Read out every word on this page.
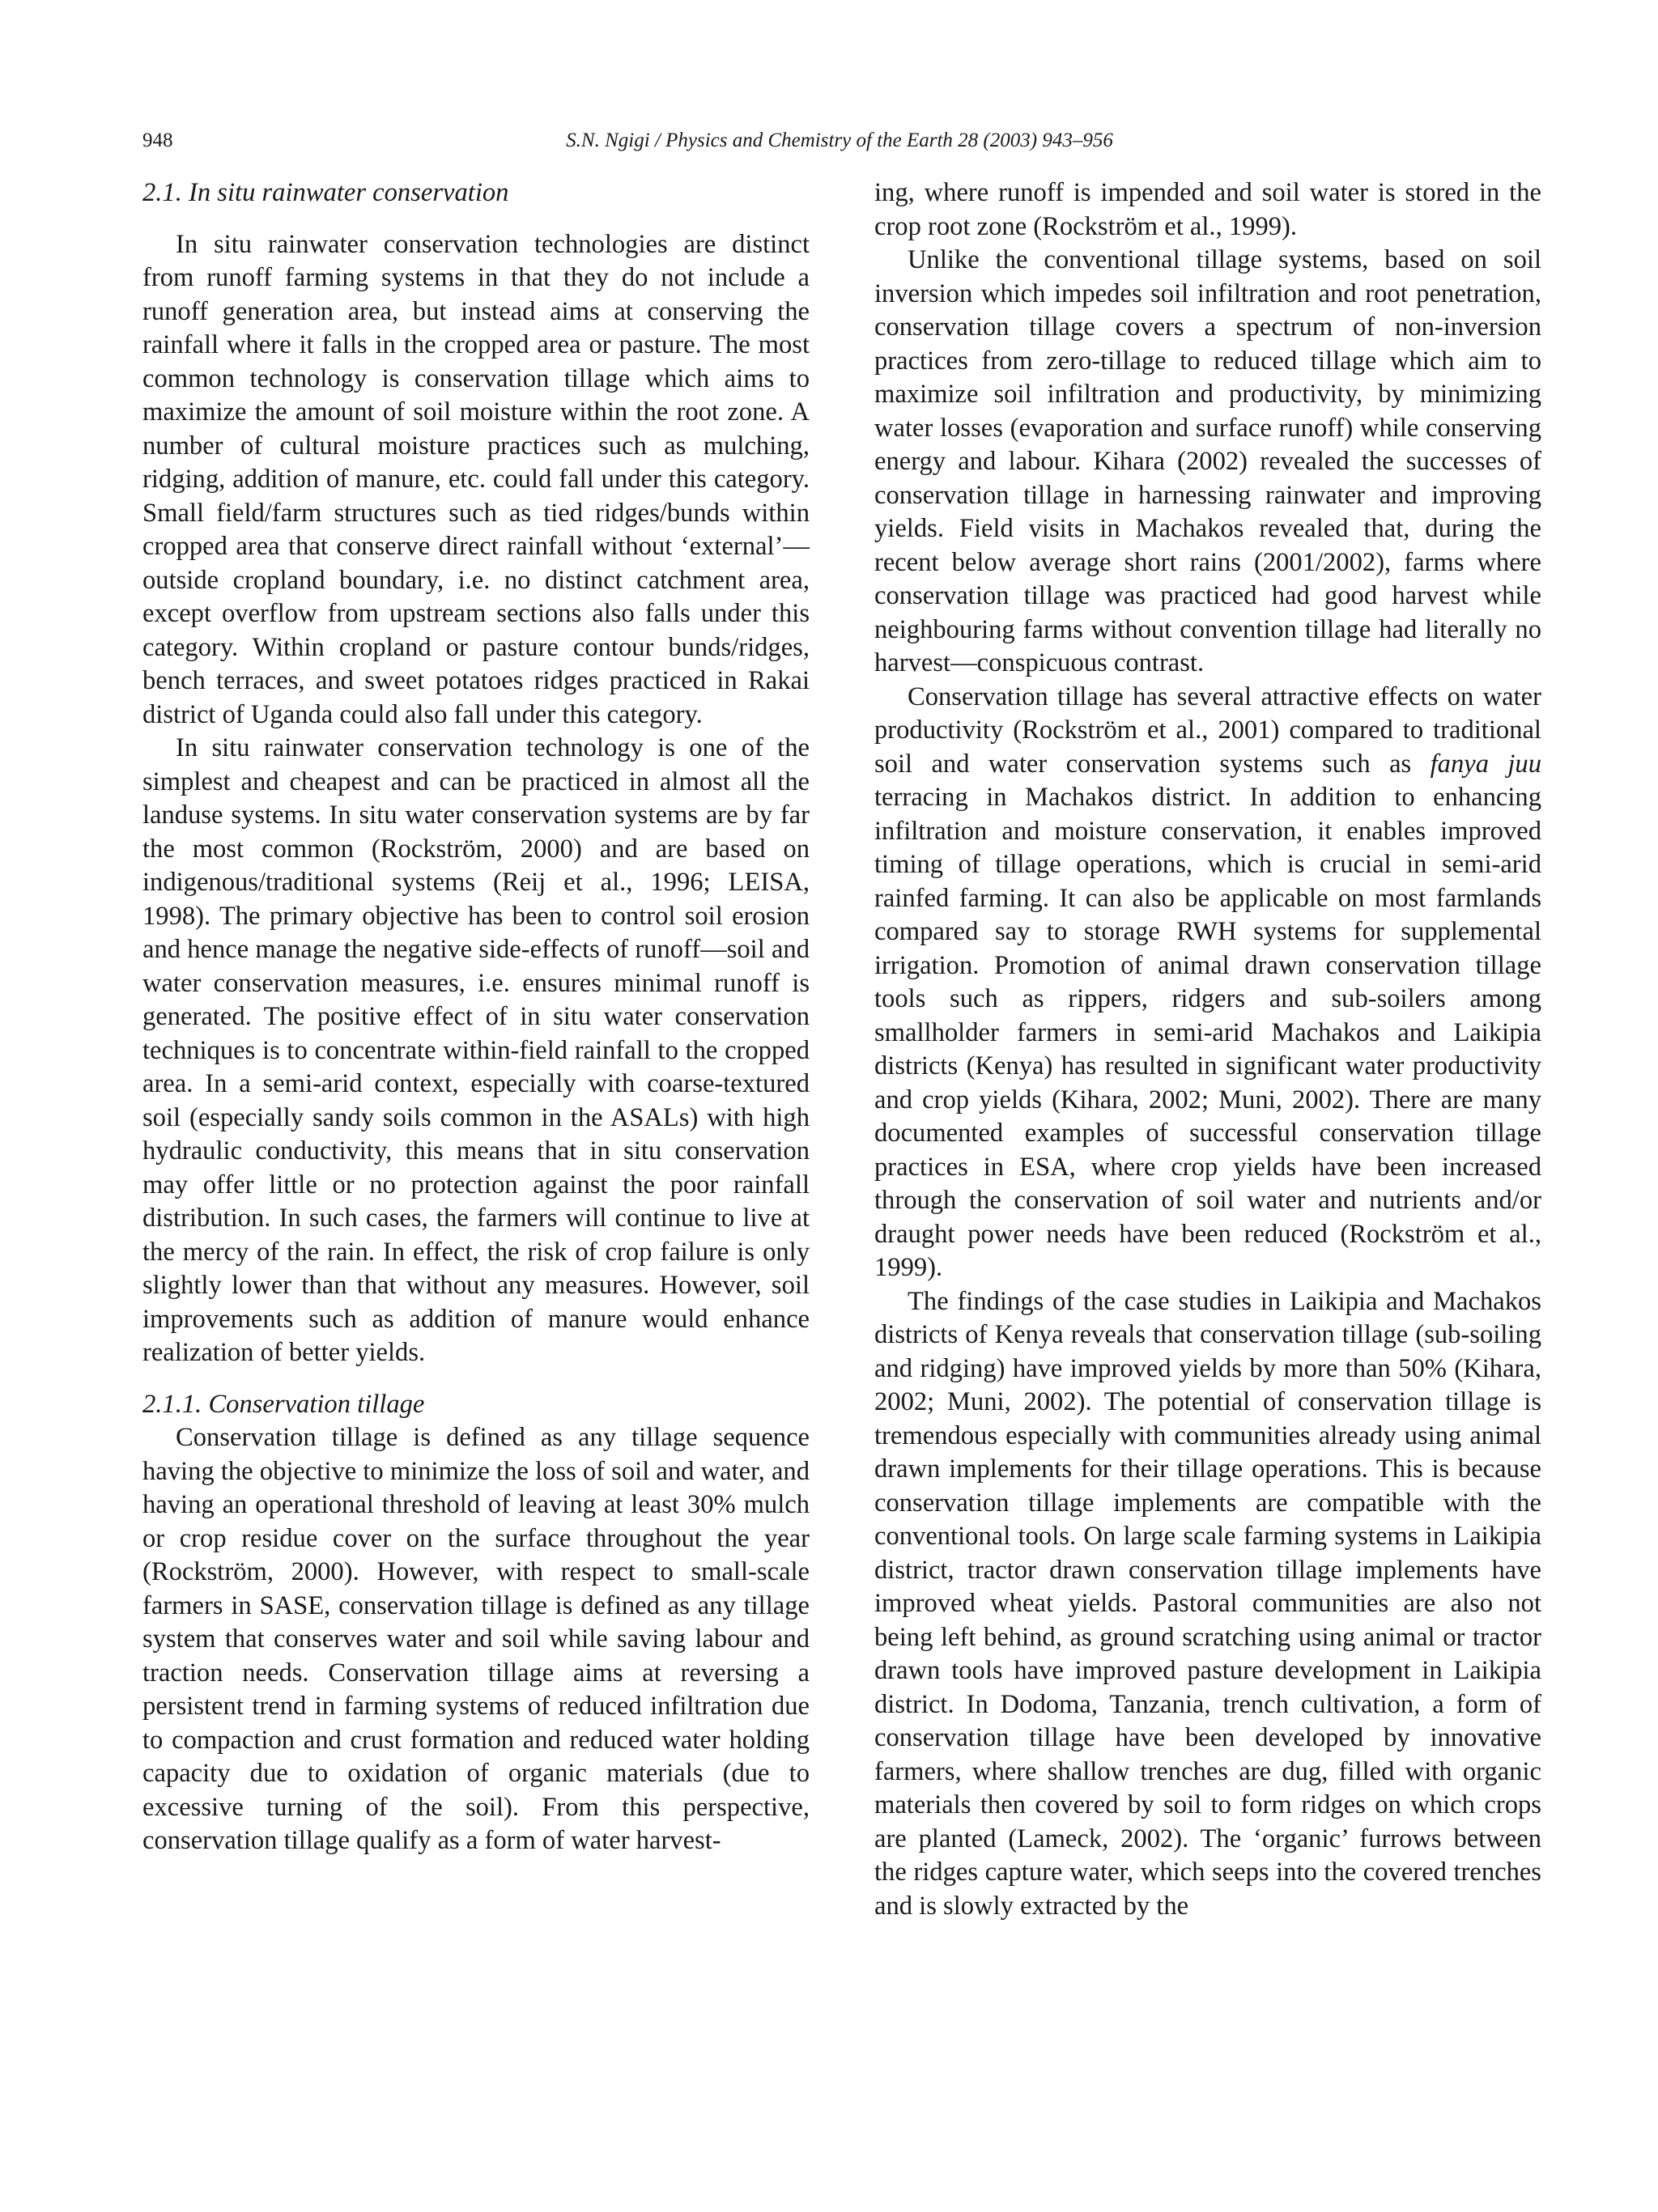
948	S.N. Ngigi / Physics and Chemistry of the Earth 28 (2003) 943–956
2.1. In situ rainwater conservation

In situ rainwater conservation technologies are distinct from runoff farming systems in that they do not include a runoff generation area, but instead aims at conserving the rainfall where it falls in the cropped area or pasture. The most common technology is conservation tillage which aims to maximize the amount of soil moisture within the root zone. A number of cultural moisture practices such as mulching, ridging, addition of manure, etc. could fall under this category. Small field/farm structures such as tied ridges/bunds within cropped area that conserve direct rainfall without ‘external’—outside cropland boundary, i.e. no distinct catchment area, except overflow from upstream sections also falls under this category. Within cropland or pasture contour bunds/ridges, bench terraces, and sweet potatoes ridges practiced in Rakai district of Uganda could also fall under this category.

In situ rainwater conservation technology is one of the simplest and cheapest and can be practiced in almost all the landuse systems. In situ water conservation systems are by far the most common (Rockström, 2000) and are based on indigenous/traditional systems (Reij et al., 1996; LEISA, 1998). The primary objective has been to control soil erosion and hence manage the negative side-effects of runoff—soil and water conservation measures, i.e. ensures minimal runoff is generated. The positive effect of in situ water conservation techniques is to concentrate within-field rainfall to the cropped area. In a semi-arid context, especially with coarse-textured soil (especially sandy soils common in the ASALs) with high hydraulic conductivity, this means that in situ conservation may offer little or no protection against the poor rainfall distribution. In such cases, the farmers will continue to live at the mercy of the rain. In effect, the risk of crop failure is only slightly lower than that without any measures. However, soil improvements such as addition of manure would enhance realization of better yields.

2.1.1. Conservation tillage

Conservation tillage is defined as any tillage sequence having the objective to minimize the loss of soil and water, and having an operational threshold of leaving at least 30% mulch or crop residue cover on the surface throughout the year (Rockström, 2000). However, with respect to small-scale farmers in SASE, conservation tillage is defined as any tillage system that conserves water and soil while saving labour and traction needs. Conservation tillage aims at reversing a persistent trend in farming systems of reduced infiltration due to compaction and crust formation and reduced water holding capacity due to oxidation of organic materials (due to excessive turning of the soil). From this perspective, conservation tillage qualify as a form of water harvest-

ing, where runoff is impended and soil water is stored in the crop root zone (Rockström et al., 1999).

Unlike the conventional tillage systems, based on soil inversion which impedes soil infiltration and root penetration, conservation tillage covers a spectrum of non-inversion practices from zero-tillage to reduced tillage which aim to maximize soil infiltration and productivity, by minimizing water losses (evaporation and surface runoff) while conserving energy and labour. Kihara (2002) revealed the successes of conservation tillage in harnessing rainwater and improving yields. Field visits in Machakos revealed that, during the recent below average short rains (2001/2002), farms where conservation tillage was practiced had good harvest while neighbouring farms without convention tillage had literally no harvest—conspicuous contrast.

Conservation tillage has several attractive effects on water productivity (Rockström et al., 2001) compared to traditional soil and water conservation systems such as fanya juu terracing in Machakos district. In addition to enhancing infiltration and moisture conservation, it enables improved timing of tillage operations, which is crucial in semi-arid rainfed farming. It can also be applicable on most farmlands compared say to storage RWH systems for supplemental irrigation. Promotion of animal drawn conservation tillage tools such as rippers, ridgers and sub-soilers among smallholder farmers in semi-arid Machakos and Laikipia districts (Kenya) has resulted in significant water productivity and crop yields (Kihara, 2002; Muni, 2002). There are many documented examples of successful conservation tillage practices in ESA, where crop yields have been increased through the conservation of soil water and nutrients and/or draught power needs have been reduced (Rockström et al., 1999).

The findings of the case studies in Laikipia and Machakos districts of Kenya reveals that conservation tillage (sub-soiling and ridging) have improved yields by more than 50% (Kihara, 2002; Muni, 2002). The potential of conservation tillage is tremendous especially with communities already using animal drawn implements for their tillage operations. This is because conservation tillage implements are compatible with the conventional tools. On large scale farming systems in Laikipia district, tractor drawn conservation tillage implements have improved wheat yields. Pastoral communities are also not being left behind, as ground scratching using animal or tractor drawn tools have improved pasture development in Laikipia district. In Dodoma, Tanzania, trench cultivation, a form of conservation tillage have been developed by innovative farmers, where shallow trenches are dug, filled with organic materials then covered by soil to form ridges on which crops are planted (Lameck, 2002). The ‘organic’ furrows between the ridges capture water, which seeps into the covered trenches and is slowly extracted by the
